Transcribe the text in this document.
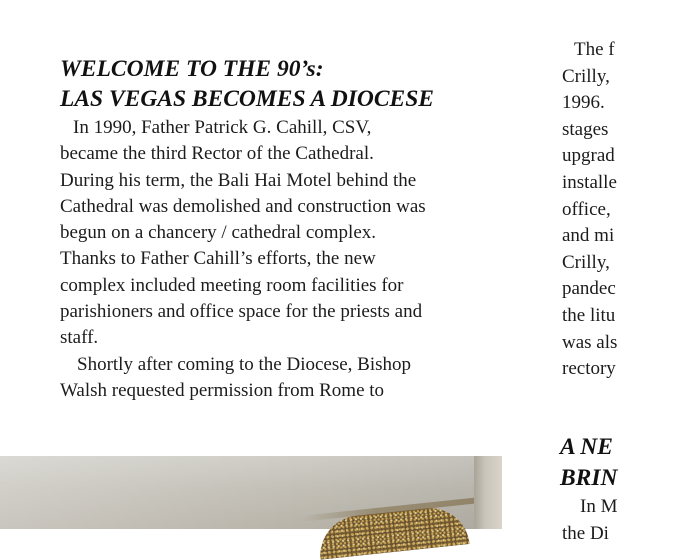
WELCOME TO THE 90’s:
LAS VEGAS BECOMES A DIOCESE

In 1990, Father Patrick G. Cahill, CSV,
became the third Rector of the Cathedral.
During his term, the Bali Hai Motel behind the
Cathedral was demolished and construction was
begun on a chancery / cathedral complex.
Thanks to Father Cahill’s efforts, the new
complex included meeting room facilities for
parishioners and office space for the priests and
staff.

Shortly after coming to the Diocese, Bishop
Walsh requested permission from Rome to

The f
Crilly,
1996.
stages
upgrad
installe
office,
and mi
Crilly,
pandec
the litu
was als
rectory
A NE
BRIN
In M
the Di
